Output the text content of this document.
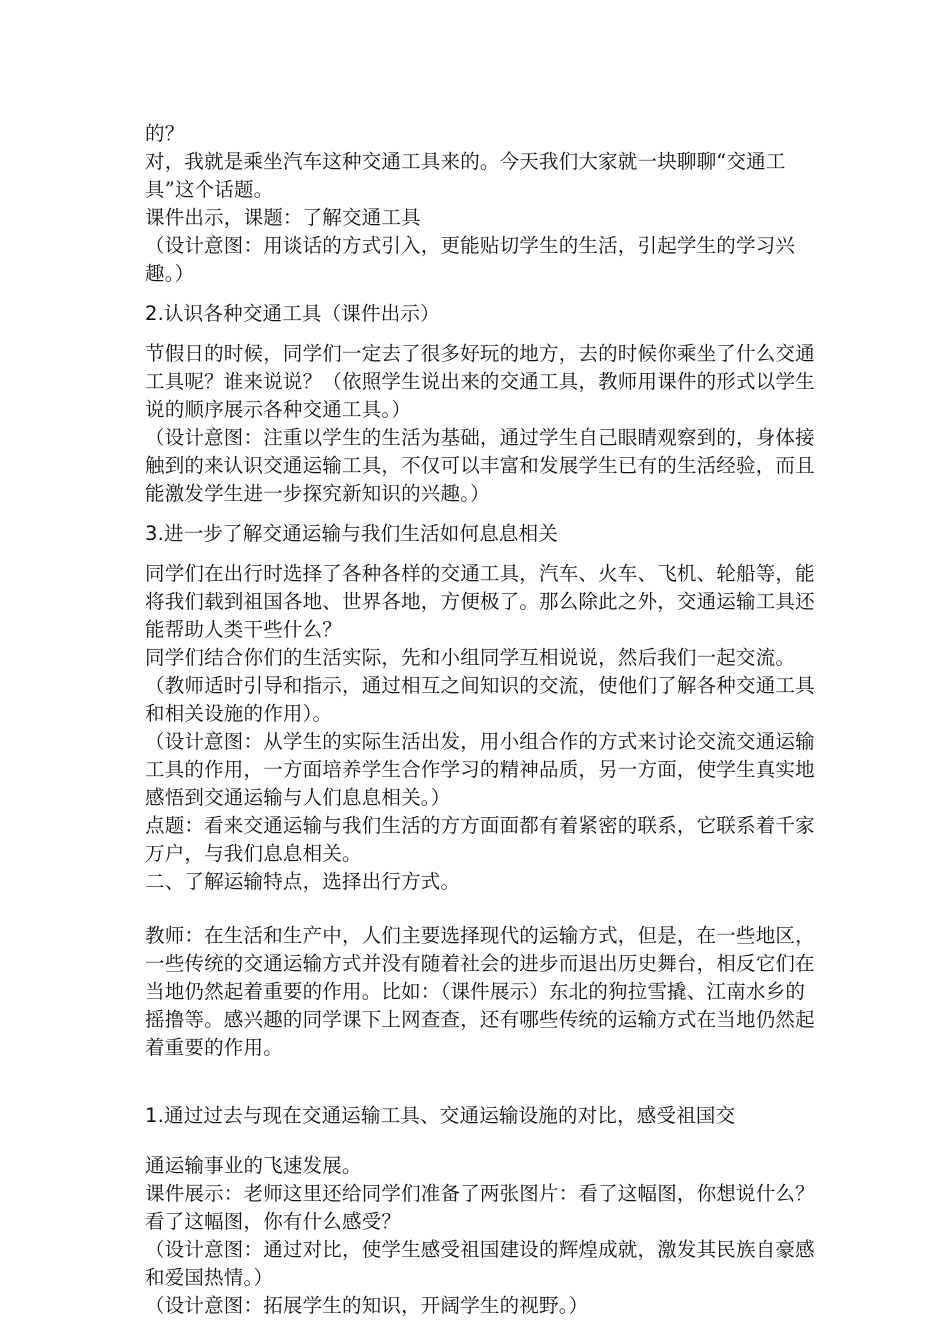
的？

对，我就是乘坐汽车这种交通工具来的。今天我们大家就一块聊聊“交通工具”这个话题。

课件出示，课题：了解交通工具

（设计意图：用谈话的方式引入，更能贴切学生的生活，引起学生的学习兴趣。）

2.认识各种交通工具（课件出示）

节假日的时候，同学们一定去了很多好玩的地方，去的时候你乘坐了什么交通工具呢？谁来说说？（依照学生说出来的交通工具，教师用课件的形式以学生说的顺序展示各种交通工具。）

（设计意图：注重以学生的生活为基础，通过学生自己眼睛观察到的，身体接触到的来认识交通运输工具，不仅可以丰富和发展学生已有的生活经验，而且能激发学生进一步探究新知识的兴趣。）

3.进一步了解交通运输与我们生活如何息息相关

同学们在出行时选择了各种各样的交通工具，汽车、火车、飞机、轮船等，能将我们载到祖国各地、世界各地，方便极了。那么除此之外，交通运输工具还能帮助人类干些什么？

同学们结合你们的生活实际，先和小组同学互相说说，然后我们一起交流。（教师适时引导和指示，通过相互之间知识的交流，使他们了解各种交通工具和相关设施的作用）。

（设计意图：从学生的实际生活出发，用小组合作的方式来讨论交流交通运输工具的作用，一方面培养学生合作学习的精神品质，另一方面，使学生真实地感悟到交通运输与人们息息相关。）

点题：看来交通运输与我们生活的方方面面都有着紧密的联系，它联系着千家万户，与我们息息相关。

二、了解运输特点，选择出行方式。

教师：在生活和生产中，人们主要选择现代的运输方式，但是，在一些地区，一些传统的交通运输方式并没有随着社会的进步而退出历史舞台，相反它们在当地仍然起着重要的作用。比如：（课件展示）东北的狗拉雪撬、江南水乡的摇撸等。感兴趣的同学课下上网查查，还有哪些传统的运输方式在当地仍然起着重要的作用。

1.通过过去与现在交通运输工具、交通运输设施的对比，感受祖国交

通运输事业的飞速发展。

课件展示：老师这里还给同学们准备了两张图片：看了这幅图，你想说什么？看了这幅图，你有什么感受？

（设计意图：通过对比，使学生感受祖国建设的辉煌成就，激发其民族自豪感和爱国热情。）

（设计意图：拓展学生的知识，开阔学生的视野。）
